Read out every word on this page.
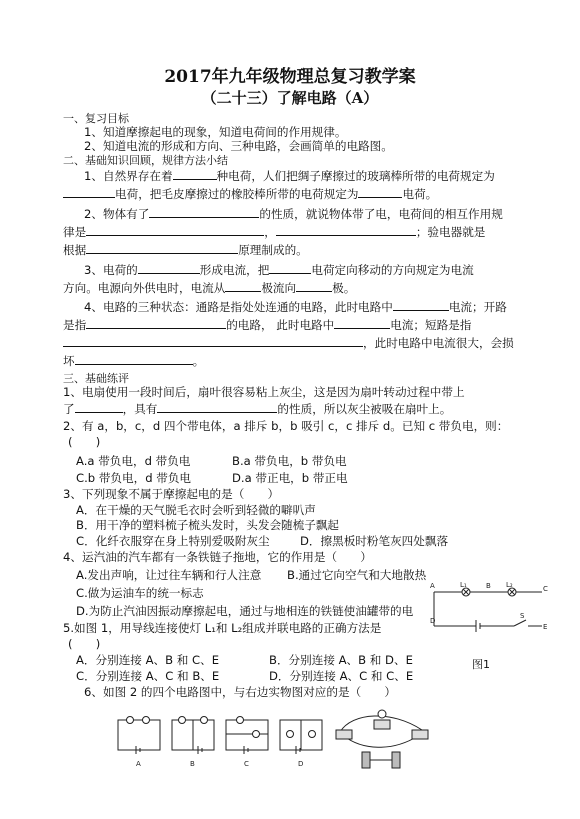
2017年九年级物理总复习教学案
（二十三）了解电路（A）
一、复习目标
1、知道摩擦起电的现象，知道电荷间的作用规律。
2、知道电流的形成和方向、三种电路，会画简单的电路图。
二、基础知识回顾，规律方法小结
1、自然界存在着	种电荷，人们把绸子摩擦过的玻璃棒所带的电荷规定为
电荷，把毛皮摩擦过的橡胶棒所带的电荷规定为	电荷。
2、物体有了	的性质，就说物体带了电，电荷间的相互作用规
律是	，	；验电器就是
根据	原理制成的。
3、电荷的	形成电流，把	电荷定向移动的方向规定为电流
方向。电源向外供电时，电流从	极流向	极。
4、电路的三种状态：通路是指处处连通的电路，此时电路中	电流；开路
是指	的电路， 此时电路中	电流；短路是指
，此时电路中电流很大，会损
坏	。
三、基础练评
1、电扇使用一段时间后，扇叶很容易粘上灰尘，这是因为扇叶转动过程中带上
了	，具有	的性质，所以灰尘被吸在扇叶上。
2、有 a，b，c，d 四个带电体，a 排斥 b，b 吸引 c，c 排斥 d。已知 c 带负电，则：
(　　)
A.a 带负电，d 带负电	B.a 带负电，b 带负电
C.b 带负电，d 带负电	D.a 带正电，b 带正电
3、下列现象不属于摩擦起电的是（　　）
A．在干燥的天气脱毛衣时会听到轻微的噼叭声
B．用干净的塑料梳子梳头发时，头发会随梳子飘起
C．化纤衣服穿在身上特别爱吸附灰尘	D．擦黑板时粉笔灰四处飘落
4、运汽油的汽车都有一条铁链子拖地，它的作用是（　　）
A.发出声响，让过往车辆和行人注意 B.通过它向空气和大地散热
C.做为运油车的统一标志
D.为防止汽油因振动摩擦起电，通过与地相连的铁链使油罐带的电
5.如图 1，用导线连接使灯 L₁和 L₂组成并联电路的正确方法是
(　　)
A．分别连接 A、B 和 C、E	B．分别连接 A、B 和 D、E
C．分别连接 A、C 和 B、E	D．分别连接 A、C 和 C、E
6、如图 2 的四个电路图中，与右边实物图对应的是（　　）
A	L₁	B L₂	C
D
S
E
图1
A	B	C	D
